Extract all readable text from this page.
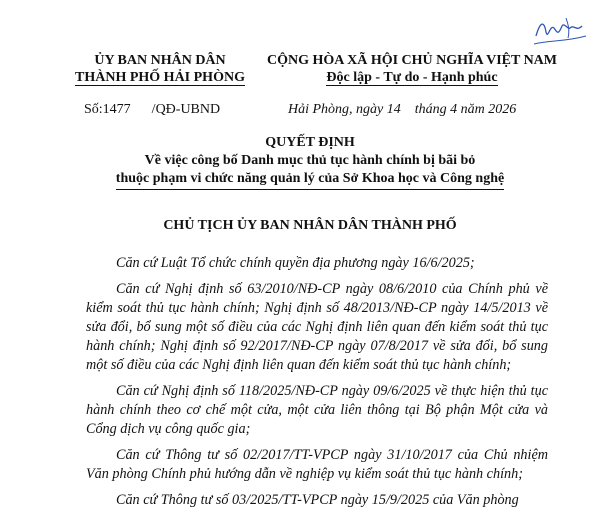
ỦY BAN NHÂN DÂN
THÀNH PHỐ HẢI PHÒNG
CỘNG HÒA XÃ HỘI CHỦ NGHĨA VIỆT NAM
Độc lập - Tự do - Hạnh phúc
Số:1477      /QĐ-UBND	Hải Phòng, ngày 14    tháng 4 năm 2026
QUYẾT ĐỊNH
Về việc công bố Danh mục thủ tục hành chính bị bãi bỏ
thuộc phạm vi chức năng quản lý của Sở Khoa học và Công nghệ
CHỦ TỊCH ỦY BAN NHÂN DÂN THÀNH PHỐ

Căn cứ Luật Tổ chức chính quyền địa phương ngày 16/6/2025;

Căn cứ Nghị định số 63/2010/NĐ-CP ngày 08/6/2010 của Chính phủ về kiểm soát thủ tục hành chính; Nghị định số 48/2013/NĐ-CP ngày 14/5/2013 về sửa đổi, bổ sung một số điều của các Nghị định liên quan đến kiểm soát thủ tục hành chính; Nghị định số 92/2017/NĐ-CP ngày 07/8/2017 về sửa đổi, bổ sung một số điều của các Nghị định liên quan đến kiểm soát thủ tục hành chính;

Căn cứ Nghị định số 118/2025/NĐ-CP ngày 09/6/2025 về thực hiện thủ tục hành chính theo cơ chế một cửa, một cửa liên thông tại Bộ phận Một cửa và Cổng dịch vụ công quốc gia;

Căn cứ Thông tư số 02/2017/TT-VPCP ngày 31/10/2017 của Chủ nhiệm Văn phòng Chính phủ hướng dẫn về nghiệp vụ kiểm soát thủ tục hành chính;

Căn cứ Thông tư số 03/2025/TT-VPCP ngày 15/9/2025 của Văn phòng
